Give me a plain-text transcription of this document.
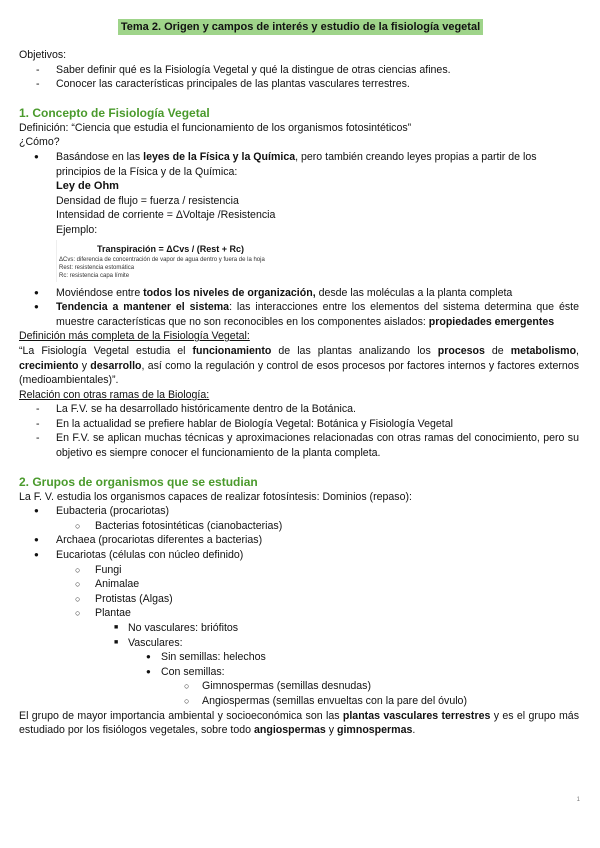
Tema 2. Origen y campos de interés y estudio de la fisiología vegetal

Objetivos:

- Saber definir qué es la Fisiología Vegetal y qué la distingue de otras ciencias afines.

- Conocer las características principales de las plantas vasculares terrestres.

1. Concepto de Fisiología Vegetal

Definición: “Ciencia que estudia el funcionamiento de los organismos fotosintéticos”

¿Cómo?

● Basándose en las leyes de la Física y la Química, pero también creando leyes propias a partir de los principios de la Física y de la Química:

Ley de Ohm

Densidad de flujo = fuerza / resistencia

Intensidad de corriente = ΔVoltaje /Resistencia

Ejemplo:

Transpiración = ΔCvs / (Rest + Rc)
ΔCvs: diferencia de concentración de vapor de agua dentro y fuera de la hoja
Rest: resistencia estomática
Rc: resistencia capa límite

● Moviéndose entre todos los niveles de organización, desde las moléculas a la planta completa

● Tendencia a mantener el sistema: las interacciones entre los elementos del sistema determina que éste muestre características que no son reconocibles en los componentes aislados: propiedades emergentes

Definición más completa de la Fisiología Vegetal:

“La Fisiología Vegetal estudia el funcionamiento de las plantas analizando los procesos de metabolismo, crecimiento y desarrollo, así como la regulación y control de esos procesos por factores internos y factores externos (medioambientales)”.

Relación con otras ramas de la Biología:

- La F.V. se ha desarrollado históricamente dentro de la Botánica.

- En la actualidad se prefiere hablar de Biología Vegetal: Botánica y Fisiología Vegetal

- En F.V. se aplican muchas técnicas y aproximaciones relacionadas con otras ramas del conocimiento, pero su objetivo es siempre conocer el funcionamiento de la planta completa.

2. Grupos de organismos que se estudian

La F. V. estudia los organismos capaces de realizar fotosíntesis: Dominios (repaso):

● Eubacteria (procariotas)

○ Bacterias fotosintéticas (cianobacterias)

● Archaea (procariotas diferentes a bacterias)

● Eucariotas (células con núcleo definido)

○ Fungi

○ Animalae

○ Protistas (Algas)

○ Plantae

■ No vasculares: briófitos

■ Vasculares:

● Sin semillas: helechos

● Con semillas:

○ Gimnospermas (semillas desnudas)

○ Angiospermas (semillas envueltas con la pare del óvulo)

El grupo de mayor importancia ambiental y socioeconómica son las plantas vasculares terrestres y es el grupo más estudiado por los fisiólogos vegetales, sobre todo angiospermas y gimnospermas.

1
